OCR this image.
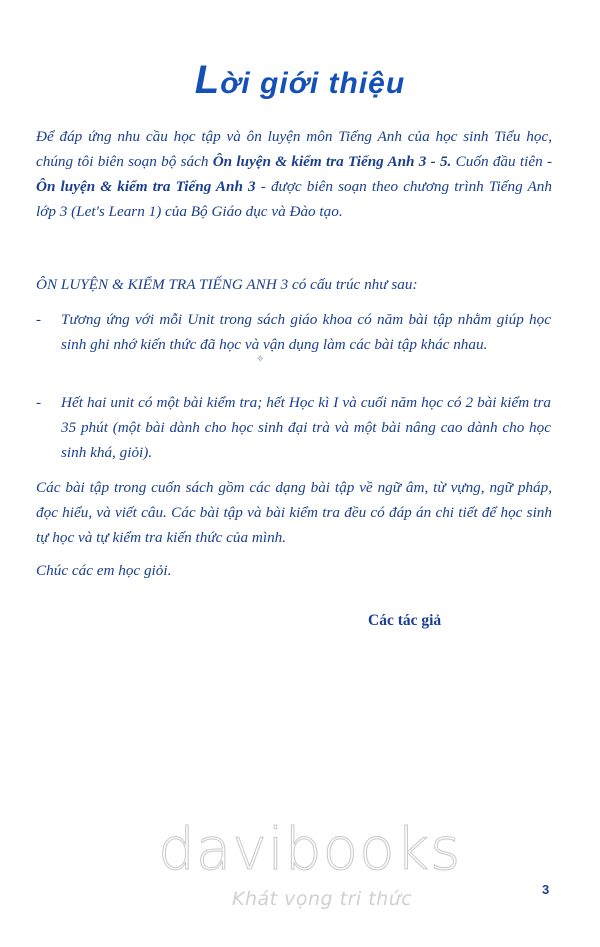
Lời giới thiệu
Để đáp ứng nhu cầu học tập và ôn luyện môn Tiếng Anh của học sinh Tiểu học, chúng tôi biên soạn bộ sách Ôn luyện & kiểm tra Tiếng Anh 3 - 5. Cuốn đầu tiên - Ôn luyện & kiểm tra Tiếng Anh 3 - được biên soạn theo chương trình Tiếng Anh lớp 3 (Let's Learn 1) của Bộ Giáo dục và Đào tạo.
ÔN LUYỆN & KIỂM TRA TIẾNG ANH 3 có cấu trúc như sau:
- Tương ứng với mỗi Unit trong sách giáo khoa có năm bài tập nhằm giúp học sinh ghi nhớ kiến thức đã học và vận dụng làm các bài tập khác nhau.
✧
- Hết hai unit có một bài kiểm tra; hết Học kì I và cuối năm học có 2 bài kiểm tra 35 phút (một bài dành cho học sinh đại trà và một bài nâng cao dành cho học sinh khá, giỏi).
Các bài tập trong cuốn sách gồm các dạng bài tập về ngữ âm, từ vựng, ngữ pháp, đọc hiểu, và viết câu. Các bài tập và bài kiểm tra đều có đáp án chi tiết để học sinh tự học và tự kiểm tra kiến thức của mình.
Chúc các em học giỏi.
Các tác giả
davibooks
Khát vọng tri thức	3
